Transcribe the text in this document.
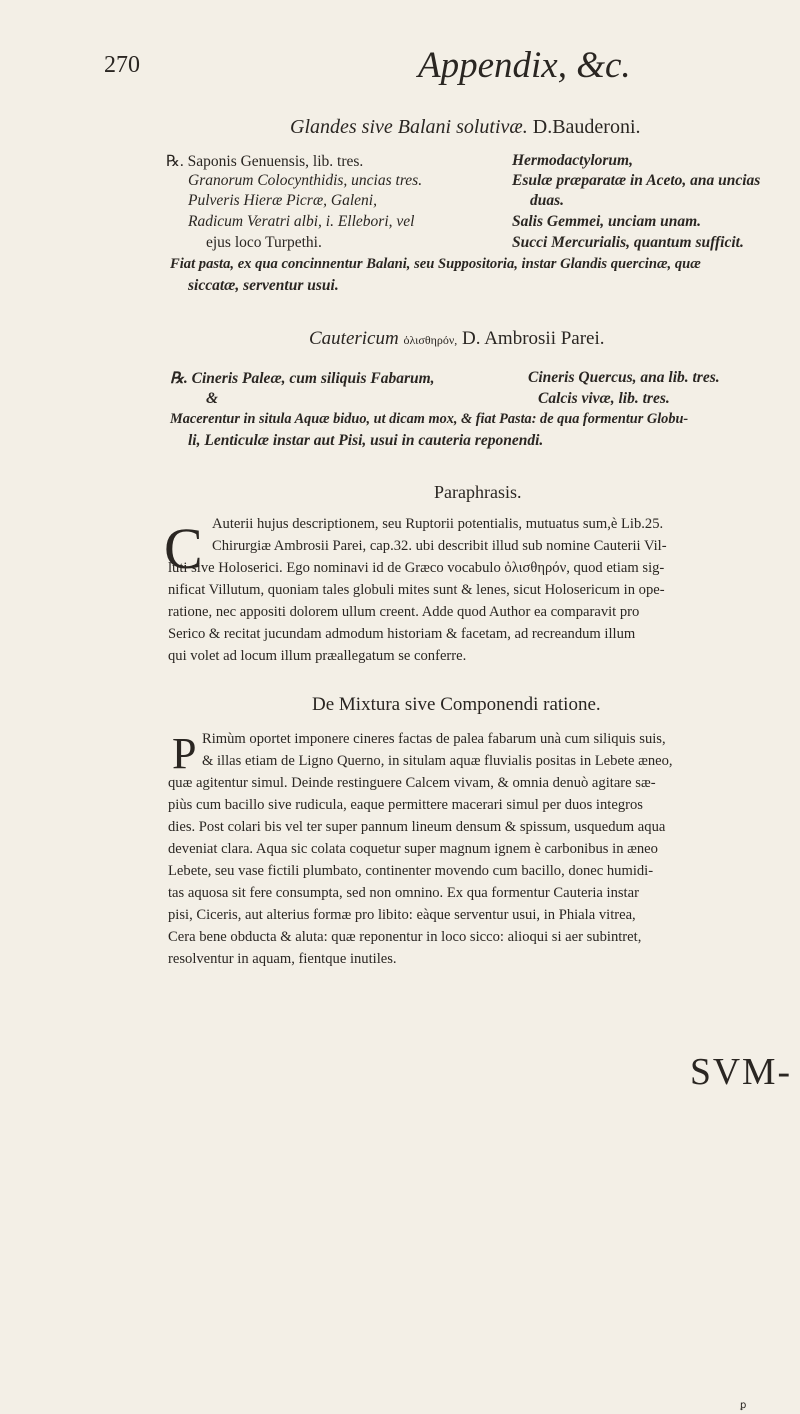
270	Appendix, &c.
Glandes sive Balani solutivæ. D.Bauderoni.
℞. Saponis Genuensis, lib. tres.
Granorum Colocynthidis, uncias tres.
Pulveris Hieræ Picræ, Galeni,
Radicum Veratri albi, i. Ellebori, vel
ejus loco Turpethi.
Hermodactylorum,
Esulæ præparatæ in Aceto, ana uncias
duas.
Salis Gemmei, unciam unam.
Succi Mercurialis, quantum sufficit.
Fiat pasta, ex qua concinnentur Balani, seu Suppositoria, instar Glandis quercinæ, quæ
siccatæ, serventur usui.
Cautericum ὀλισθηρόν, D. Ambrosii Parei.
℞. Cineris Paleæ, cum siliquis Fabarum,
&
Cineris Quercus, ana lib. tres.
Calcis vivæ, lib. tres.
Macerentur in situla Aquæ biduo, ut dicam mox, & fiat Pasta: de qua formentur Globu-
li, Lenticulæ instar aut Pisi, usui in cauteria reponendi.
Paraphrasis.
C Auterii hujus descriptionem, seu Ruptorii potentialis, mutuatus sum,è Lib.25.
Chirurgiæ Ambrosii Parei, cap.32. ubi describit illud sub nomine Cauterii Vil-
luti sive Holoserici. Ego nominavi id de Græco vocabulo ὀλισθηρόν, quod etiam sig-
nificat Villutum, quoniam tales globuli mites sunt & lenes, sicut Holosericum in ope-
ratione, nec appositi dolorem ullum creent. Adde quod Author ea comparavit pro
Serico & recitat jucundam admodum historiam & facetam, ad recreandum illum
qui volet ad locum illum præallegatum se conferre.
De Mixtura sive Componendi ratione.
P Rimùm oportet imponere cineres factas de palea fabarum unà cum siliquis suis,
& illas etiam de Ligno Querno, in situlam aquæ fluvialis positas in Lebete æneo,
quæ agitentur simul. Deinde restinguere Calcem vivam, & omnia denuò agitare sæ-
piùs cum bacillo sive rudicula, eaque permittere macerari simul per duos integros
dies. Post colari bis vel ter super pannum lineum densum & spissum, usquedum aqua
deveniat clara. Aqua sic colata coquetur super magnum ignem è carbonibus in æneo
Lebete, seu vase fictili plumbato, continenter movendo cum bacillo, donec humidi-
tas aquosa sit fere consumpta, sed non omnino. Ex qua formentur Cauteria instar
pisi, Ciceris, aut alterius formæ pro libito: eàque serventur usui, in Phiala vitrea,
Cera bene obducta & aluta: quæ reponentur in loco sicco: alioqui si aer subintret,
resolventur in aquam, fientque inutiles.
SVM-
ꝑ
